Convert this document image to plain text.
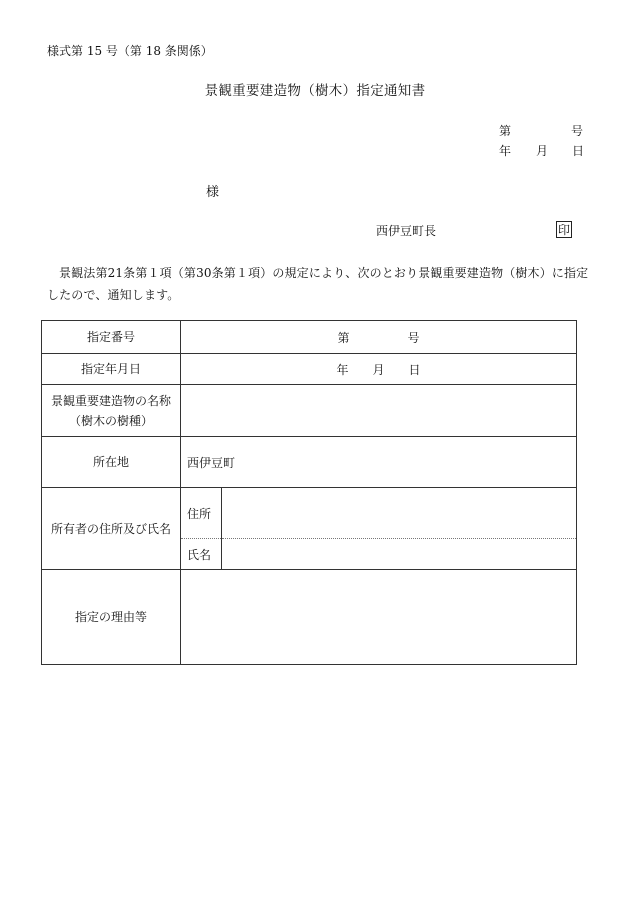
様式第 15 号（第 18 条関係）
景観重要建造物（樹木）指定通知書
第	号
年 月 日
様
西伊豆町長	印
景観法第21条第１項（第30条第１項）の規定により、次のとおり景観重要建造物（樹木）に指定したので、通知します。
指定番号	第 号	
指定年月日	年 月 日	

景観重要建造物の名称
（樹木の樹種）		

所在地	西伊豆町	
所有者の住所及び氏名	住所	
	氏名	
指定の理由等		
